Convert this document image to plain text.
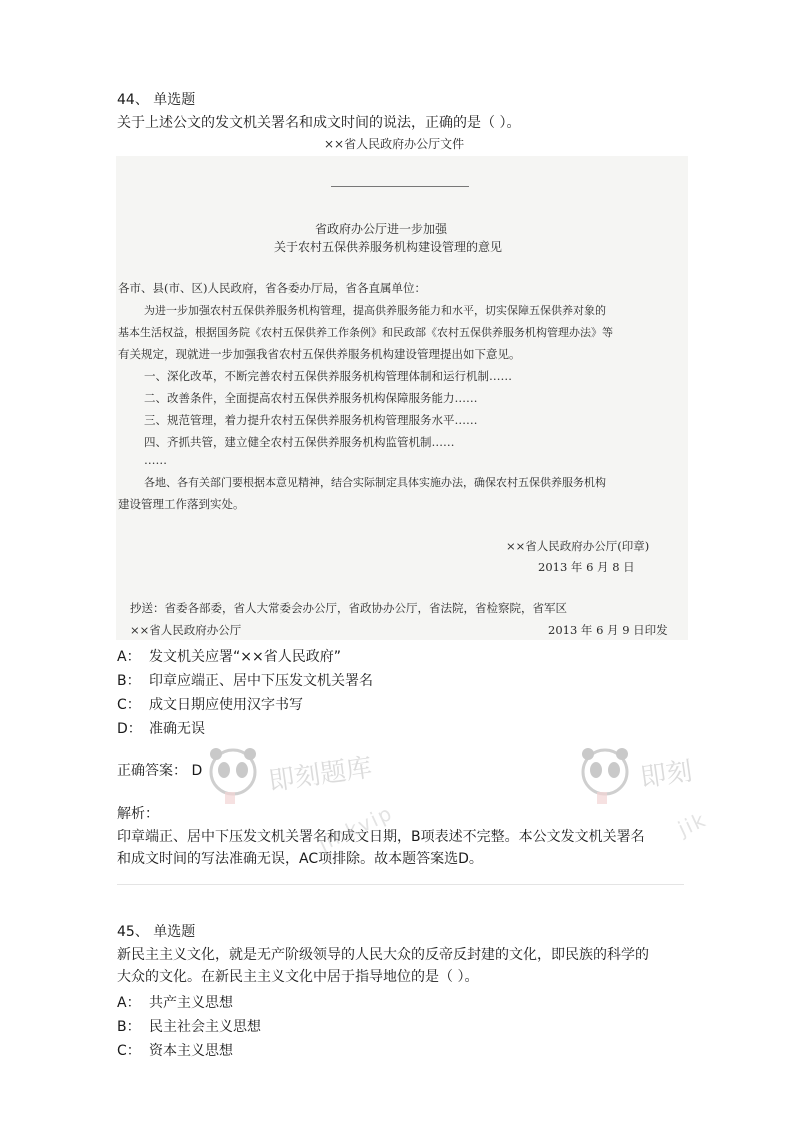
44、 单选题
关于上述公文的发文机关署名和成文时间的说法，正确的是（ ）。
××省人民政府办公厅文件
省政府办公厅进一步加强
关于农村五保供养服务机构建设管理的意见
各市、县(市、区)人民政府，省各委办厅局，省各直属单位：
为进一步加强农村五保供养服务机构管理，提高供养服务能力和水平，切实保障五保供养对象的
基本生活权益，根据国务院《农村五保供养工作条例》和民政部《农村五保供养服务机构管理办法》等
有关规定，现就进一步加强我省农村五保供养服务机构建设管理提出如下意见。
一、深化改革，不断完善农村五保供养服务机构管理体制和运行机制……
二、改善条件，全面提高农村五保供养服务机构保障服务能力……
三、规范管理，着力提升农村五保供养服务机构管理服务水平……
四、齐抓共管，建立健全农村五保供养服务机构监管机制……
……
各地、各有关部门要根据本意见精神，结合实际制定具体实施办法，确保农村五保供养服务机构
建设管理工作落到实处。
××省人民政府办公厅(印章)
2013 年 6 月 8 日
抄送：省委各部委，省人大常委会办公厅，省政协办公厅，省法院，省检察院，省军区
××省人民政府办公厅	2013 年 6 月 9 日印发
A： 发文机关应署“××省人民政府”
B： 印章应端正、居中下压发文机关署名
C： 成文日期应使用汉字书写
D： 准确无误
正确答案： D
解析：
印章端正、居中下压发文机关署名和成文日期，B项表述不完整。本公文发文机关署名
和成文时间的写法准确无误，AC项排除。故本题答案选D。
即刻题库
jinkvip
即刻
jik
45、 单选题
新民主主义文化，就是无产阶级领导的人民大众的反帝反封建的文化，即民族的科学的
大众的文化。在新民主主义文化中居于指导地位的是（ ）。
A： 共产主义思想
B： 民主社会主义思想
C： 资本主义思想
